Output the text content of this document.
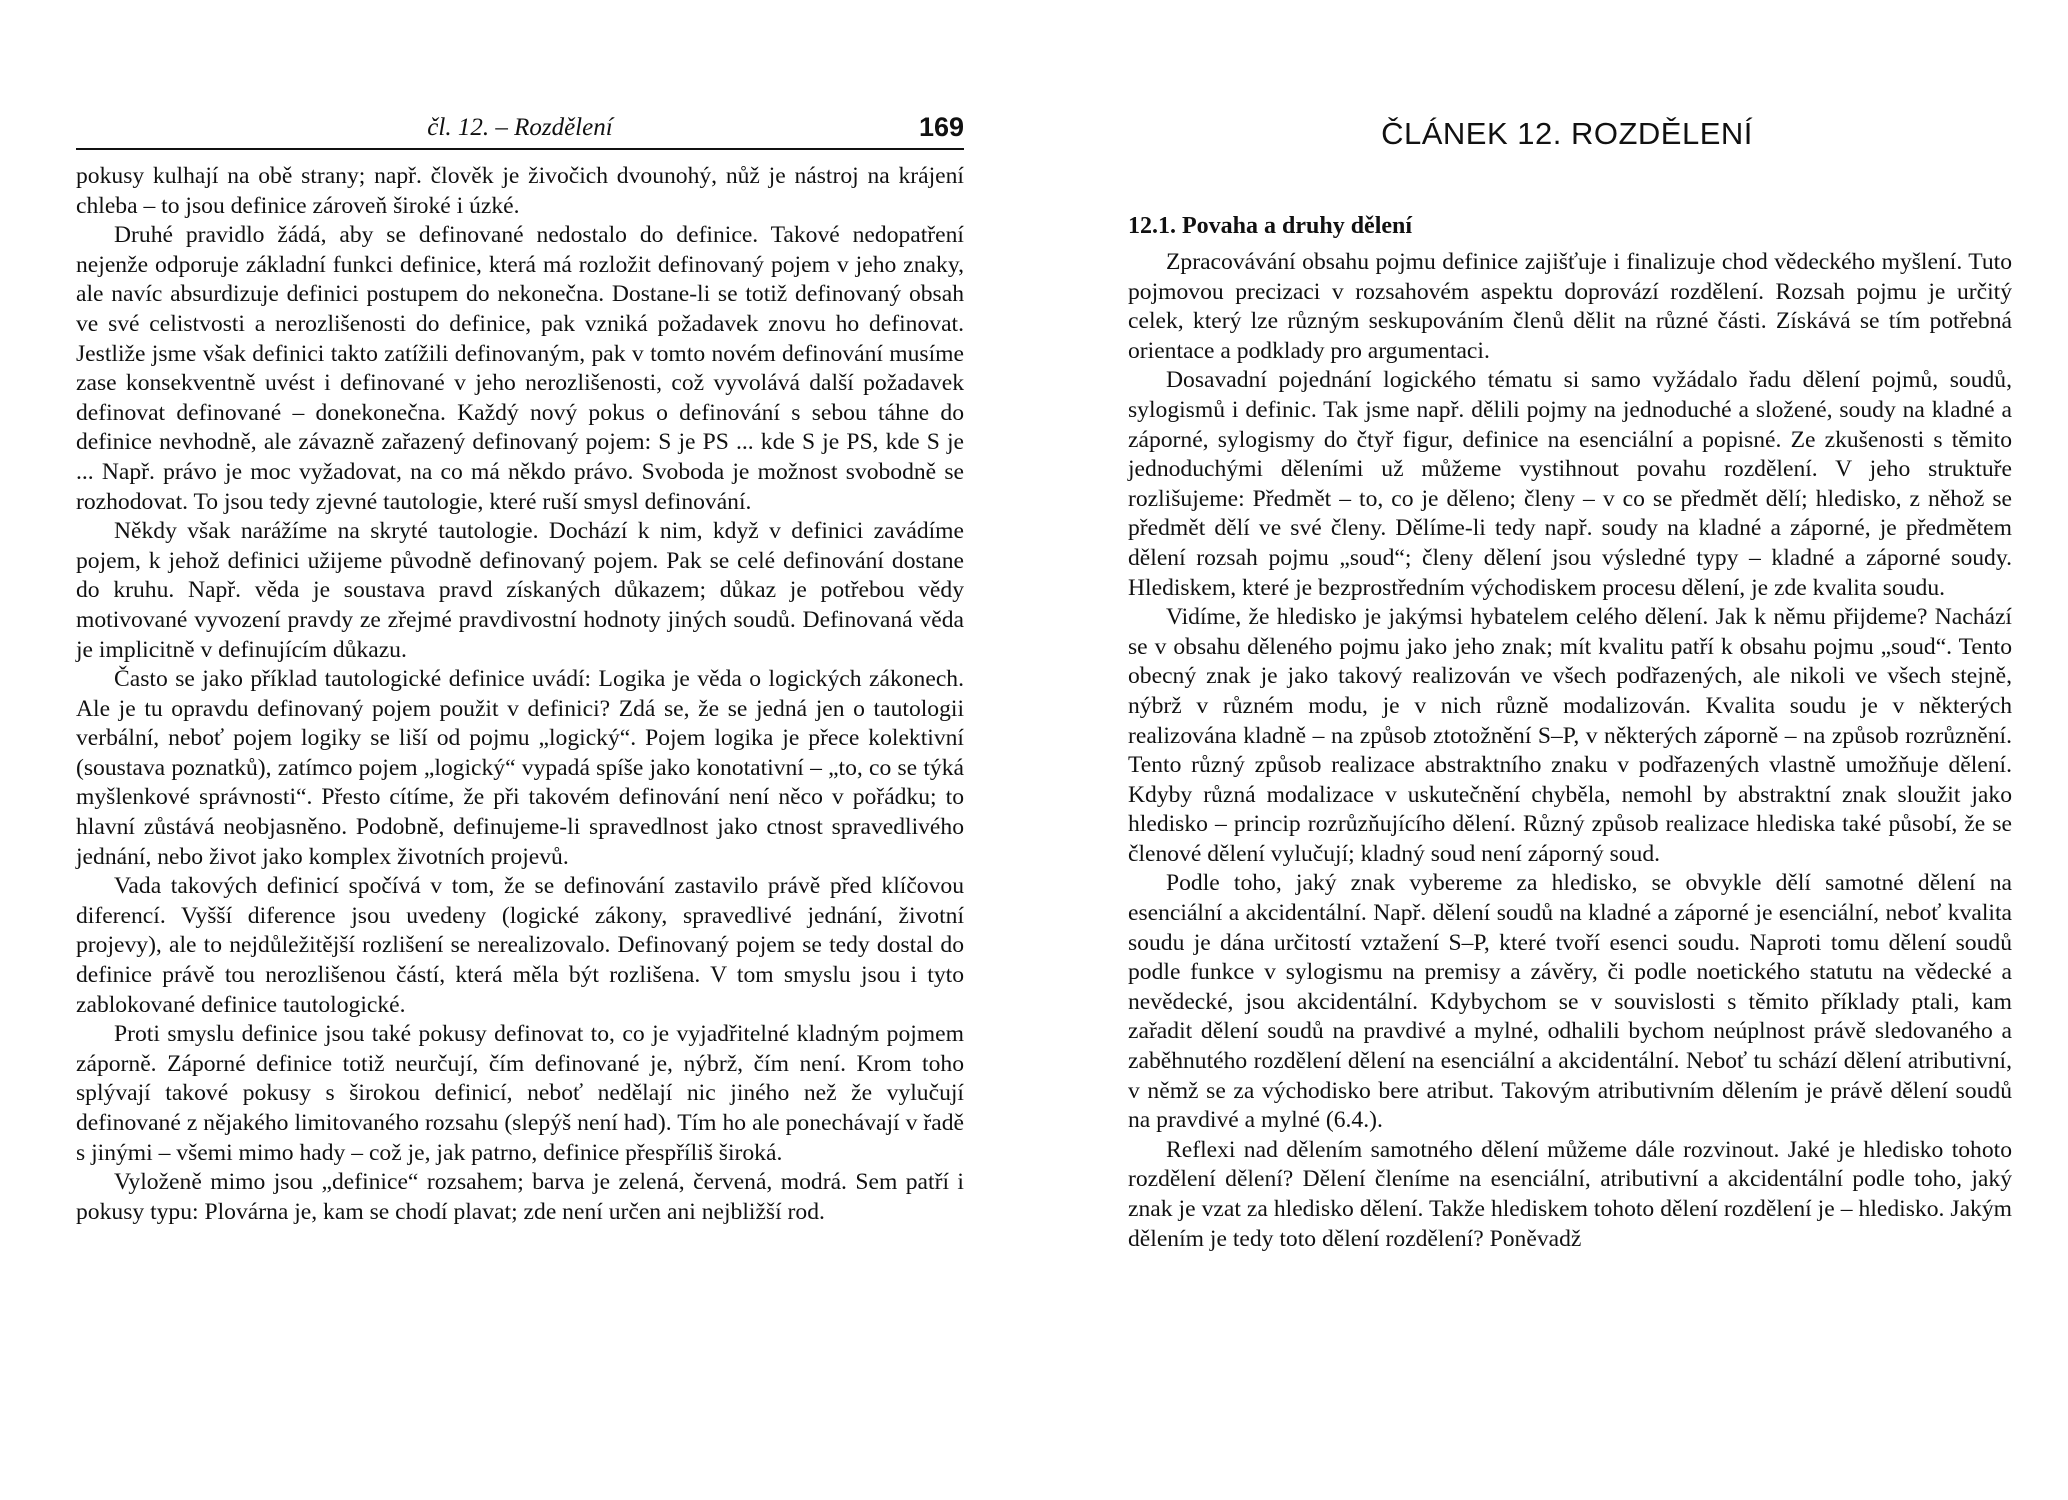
čl. 12. – Rozdělení	169

pokusy kulhají na obě strany; např. člověk je živočich dvounohý, nůž je nástroj na krájení chleba – to jsou definice zároveň široké i úzké.

Druhé pravidlo žádá, aby se definované nedostalo do definice. Takové nedopatření nejenže odporuje základní funkci definice, která má rozložit definovaný pojem v jeho znaky, ale navíc absurdizuje definici postupem do nekonečna. Dostane-li se totiž definovaný obsah ve své celistvosti a nerozlišenosti do definice, pak vzniká požadavek znovu ho definovat. Jestliže jsme však definici takto zatížili definovaným, pak v tomto novém definování musíme zase konsekventně uvést i definované v jeho nerozlišenosti, což vyvolává další požadavek definovat definované – donekonečna. Každý nový pokus o definování s sebou táhne do definice nevhodně, ale závazně zařazený definovaný pojem: S je PS ... kde S je PS, kde S je ... Např. právo je moc vyžadovat, na co má někdo právo. Svoboda je možnost svobodně se rozhodovat. To jsou tedy zjevné tautologie, které ruší smysl definování.

Někdy však narážíme na skryté tautologie. Dochází k nim, když v definici zavádíme pojem, k jehož definici užijeme původně definovaný pojem. Pak se celé definování dostane do kruhu. Např. věda je soustava pravd získaných důkazem; důkaz je potřebou vědy motivované vyvození pravdy ze zřejmé pravdivostní hodnoty jiných soudů. Definovaná věda je implicitně v definujícím důkazu.

Často se jako příklad tautologické definice uvádí: Logika je věda o logických zákonech. Ale je tu opravdu definovaný pojem použit v definici? Zdá se, že se jedná jen o tautologii verbální, neboť pojem logiky se liší od pojmu „logický“. Pojem logika je přece kolektivní (soustava poznatků), zatímco pojem „logický“ vypadá spíše jako konotativní – „to, co se týká myšlenkové správnosti“. Přesto cítíme, že při takovém definování není něco v pořádku; to hlavní zůstává neobjasněno. Podobně, definujeme-li spravedlnost jako ctnost spravedlivého jednání, nebo život jako komplex životních projevů.

Vada takových definicí spočívá v tom, že se definování zastavilo právě před klíčovou diferencí. Vyšší diference jsou uvedeny (logické zákony, spravedlivé jednání, životní projevy), ale to nejdůležitější rozlišení se nerealizovalo. Definovaný pojem se tedy dostal do definice právě tou nerozlišenou částí, která měla být rozlišena. V tom smyslu jsou i tyto zablokované definice tautologické.

Proti smyslu definice jsou také pokusy definovat to, co je vyjadřitelné kladným pojmem záporně. Záporné definice totiž neurčují, čím definované je, nýbrž, čím není. Krom toho splývají takové pokusy s širokou definicí, neboť nedělají nic jiného než že vylučují definované z nějakého limitovaného rozsahu (slepýš není had). Tím ho ale ponechávají v řadě s jinými – všemi mimo hady – což je, jak patrno, definice přespříliš široká.

Vyloženě mimo jsou „definice“ rozsahem; barva je zelená, červená, modrá. Sem patří i pokusy typu: Plovárna je, kam se chodí plavat; zde není určen ani nejbližší rod.

ČLÁNEK 12. ROZDĚLENÍ
12.1. Povaha a druhy dělení

Zpracovávání obsahu pojmu definice zajišťuje i finalizuje chod vědeckého myšlení. Tuto pojmovou precizaci v rozsahovém aspektu doprovází rozdělení. Rozsah pojmu je určitý celek, který lze různým seskupováním členů dělit na různé části. Získává se tím potřebná orientace a podklady pro argumentaci.

Dosavadní pojednání logického tématu si samo vyžádalo řadu dělení pojmů, soudů, sylogismů i definic. Tak jsme např. dělili pojmy na jednoduché a složené, soudy na kladné a záporné, sylogismy do čtyř figur, definice na esenciální a popisné. Ze zkušenosti s těmito jednoduchými děleními už můžeme vystihnout povahu rozdělení. V jeho struktuře rozlišujeme: Předmět – to, co je děleno; členy – v co se předmět dělí; hledisko, z něhož se předmět dělí ve své členy. Dělíme-li tedy např. soudy na kladné a záporné, je předmětem dělení rozsah pojmu „soud“; členy dělení jsou výsledné typy – kladné a záporné soudy. Hlediskem, které je bezprostředním východiskem procesu dělení, je zde kvalita soudu.

Vidíme, že hledisko je jakýmsi hybatelem celého dělení. Jak k němu přijdeme? Nachází se v obsahu děleného pojmu jako jeho znak; mít kvalitu patří k obsahu pojmu „soud“. Tento obecný znak je jako takový realizován ve všech podřazených, ale nikoli ve všech stejně, nýbrž v různém modu, je v nich různě modalizován. Kvalita soudu je v některých realizována kladně – na způsob ztotožnění S–P, v některých záporně – na způsob rozrůznění. Tento různý způsob realizace abstraktního znaku v podřazených vlastně umožňuje dělení. Kdyby různá modalizace v uskutečnění chyběla, nemohl by abstraktní znak sloužit jako hledisko – princip rozrůzňujícího dělení. Různý způsob realizace hlediska také působí, že se členové dělení vylučují; kladný soud není záporný soud.

Podle toho, jaký znak vybereme za hledisko, se obvykle dělí samotné dělení na esenciální a akcidentální. Např. dělení soudů na kladné a záporné je esenciální, neboť kvalita soudu je dána určitostí vztažení S–P, které tvoří esenci soudu. Naproti tomu dělení soudů podle funkce v sylogismu na premisy a závěry, či podle noetického statutu na vědecké a nevědecké, jsou akcidentální. Kdybychom se v souvislosti s těmito příklady ptali, kam zařadit dělení soudů na pravdivé a mylné, odhalili bychom neúplnost právě sledovaného a zaběhnutého rozdělení dělení na esenciální a akcidentální. Neboť tu schází dělení atributivní, v němž se za východisko bere atribut. Takovým atributivním dělením je právě dělení soudů na pravdivé a mylné (6.4.).

Reflexi nad dělením samotného dělení můžeme dále rozvinout. Jaké je hledisko tohoto rozdělení dělení? Dělení členíme na esenciální, atributivní a akcidentální podle toho, jaký znak je vzat za hledisko dělení. Takže hlediskem tohoto dělení rozdělení je – hledisko. Jakým dělením je tedy toto dělení rozdělení? Poněvadž
